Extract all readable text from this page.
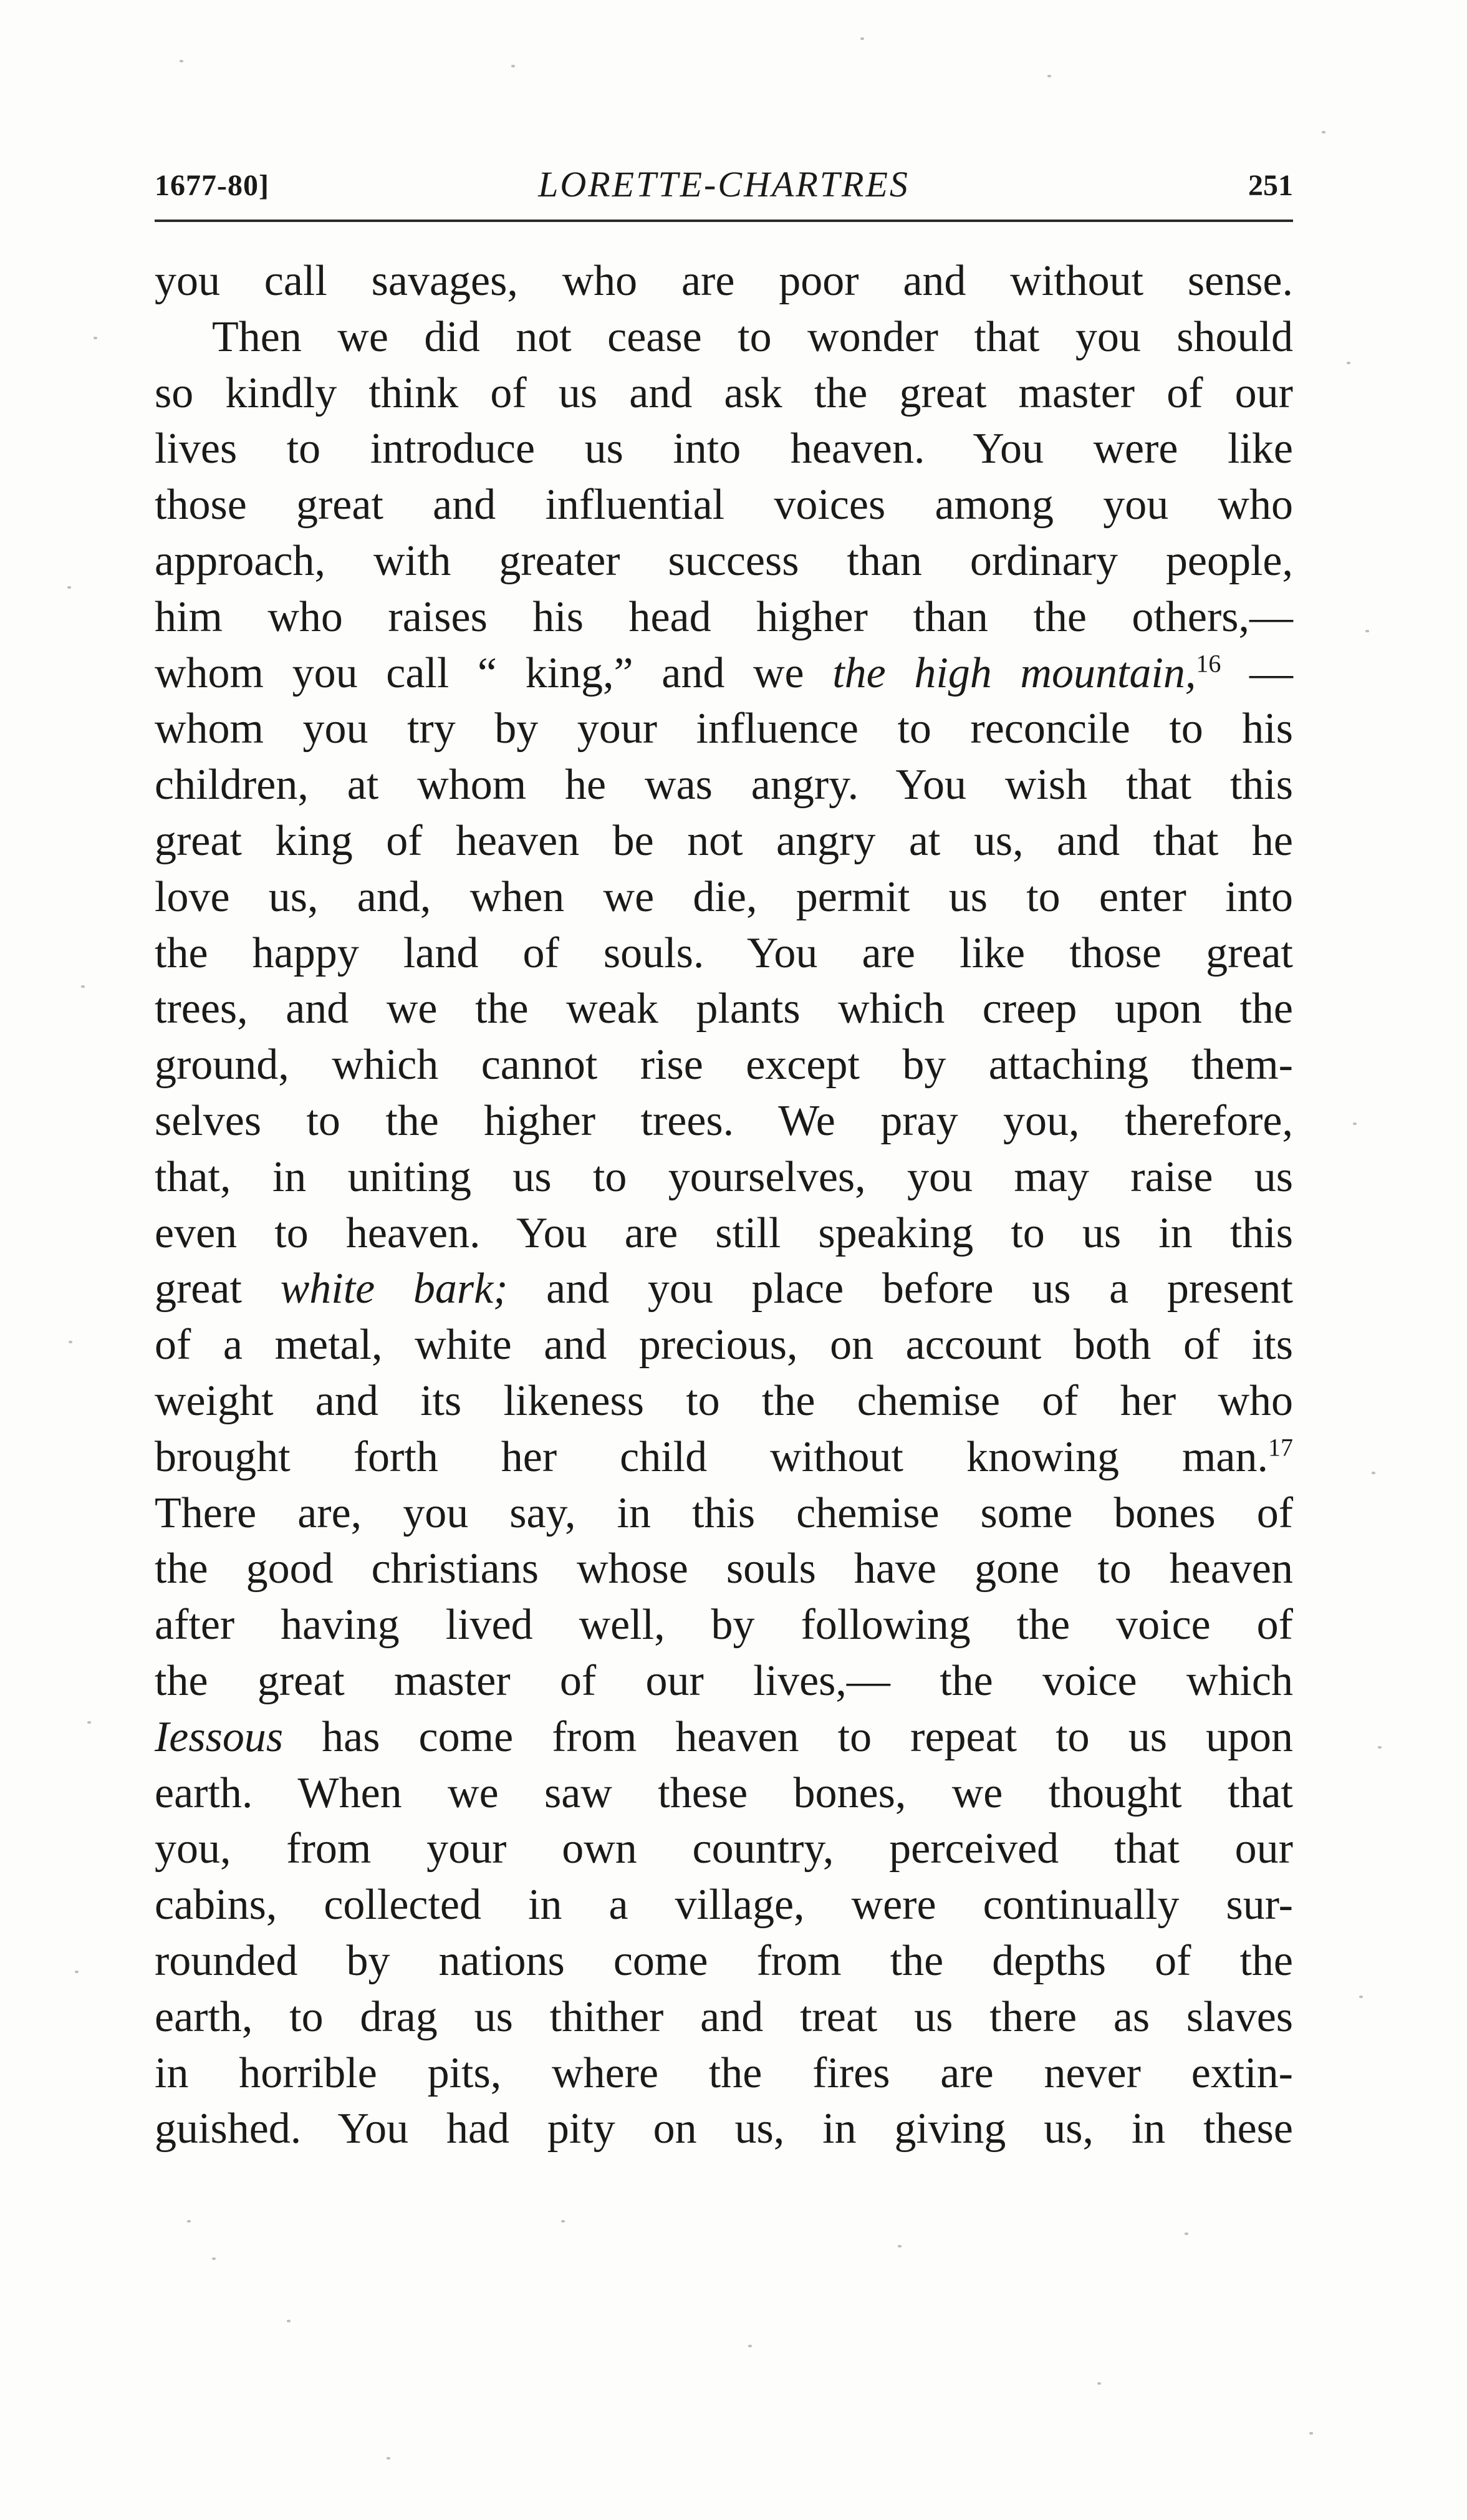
1677-80]	LORETTE-CHARTRES	251
you call savages, who are poor and without sense.
Then we did not cease to wonder that you should
so kindly think of us and ask the great master of our
lives to introduce us into heaven. You were like
those great and influential voices among you who
approach, with greater success than ordinary people,
him who raises his head higher than the others,—
whom you call “ king,” and we the high mountain,$^{16}$ —
whom you try by your influence to reconcile to his
children, at whom he was angry. You wish that this
great king of heaven be not angry at us, and that he
love us, and, when we die, permit us to enter into
the happy land of souls. You are like those great
trees, and we the weak plants which creep upon the
ground, which cannot rise except by attaching them-
selves to the higher trees. We pray you, therefore,
that, in uniting us to yourselves, you may raise us
even to heaven. You are still speaking to us in this
great white bark; and you place before us a present
of a metal, white and precious, on account both of its
weight and its likeness to the chemise of her who
brought forth her child without knowing man.$^{17}$
There are, you say, in this chemise some bones of
the good christians whose souls have gone to heaven
after having lived well, by following the voice of
the great master of our lives,— the voice which
Iessous has come from heaven to repeat to us upon
earth. When we saw these bones, we thought that
you, from your own country, perceived that our
cabins, collected in a village, were continually sur-
rounded by nations come from the depths of the
earth, to drag us thither and treat us there as slaves
in horrible pits, where the fires are never extin-
guished. You had pity on us, in giving us, in these
